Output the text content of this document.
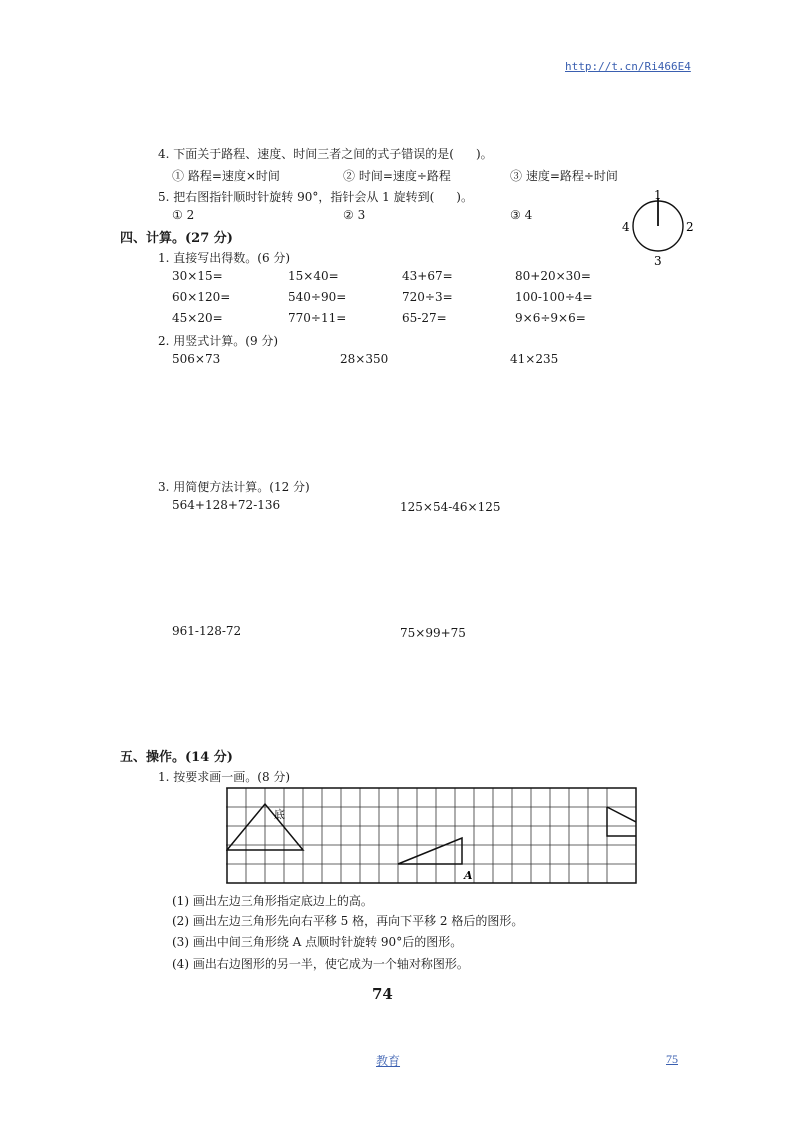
http://t.cn/Ri466E4
4. 下面关于路程、速度、时间三者之间的式子错误的是( )。
① 路程=速度×时间	② 时间=速度÷路程	③ 速度=路程÷时间
5. 把右图指针顺时针旋转 90°，指针会从 1 旋转到( )。
① 2	② 3	③ 4
1
2
3
4
四、计算。(27 分)
1. 直接写出得数。(6 分)
30×15=	15×40=	43+67=	80+20×30=
60×120=	540÷90=	720÷3=	100-100÷4=
45×20=	770÷11=	65-27=	9×6÷9×6=
2. 用竖式计算。(9 分)
506×73	28×350	41×235
3. 用简便方法计算。(12 分)
564+128+72-136	125×54-46×125
961-128-72	75×99+75
五、操作。(14 分)
1. 按要求画一画。(8 分)
底
A
(1) 画出左边三角形指定底边上的高。
(2) 画出左边三角形先向右平移 5 格，再向下平移 2 格后的图形。
(3) 画出中间三角形绕 A 点顺时针旋转 90°后的图形。
(4) 画出右边图形的另一半，使它成为一个轴对称图形。
74
教育	75
